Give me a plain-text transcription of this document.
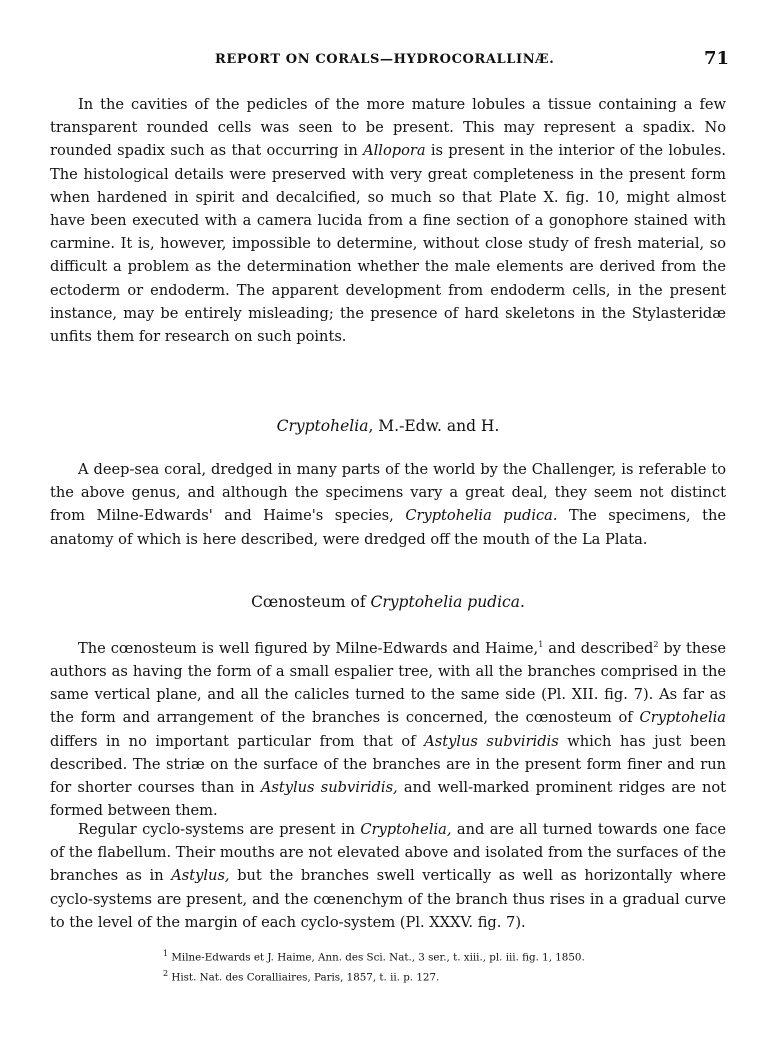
REPORT ON CORALS—HYDROCORALLINÆ.	71

In the cavities of the pedicles of the more mature lobules a tissue containing a few transparent rounded cells was seen to be present. This may represent a spadix. No rounded spadix such as that occurring in Allopora is present in the interior of the lobules. The histological details were preserved with very great completeness in the present form when hardened in spirit and decalcified, so much so that Plate X. fig. 10, might almost have been executed with a camera lucida from a fine section of a gonophore stained with carmine. It is, however, impossible to determine, without close study of fresh material, so difficult a problem as the determination whether the male elements are derived from the ectoderm or endoderm. The apparent development from endoderm cells, in the present instance, may be entirely misleading; the presence of hard skeletons in the Stylasteridæ unfits them for research on such points.

Cryptohelia, M.-Edw. and H.

A deep-sea coral, dredged in many parts of the world by the Challenger, is referable to the above genus, and although the specimens vary a great deal, they seem not distinct from Milne-Edwards' and Haime's species, Cryptohelia pudica. The specimens, the anatomy of which is here described, were dredged off the mouth of the La Plata.

Cœnosteum of Cryptohelia pudica.

The cœnosteum is well figured by Milne-Edwards and Haime,$^1$ and described$^2$ by these authors as having the form of a small espalier tree, with all the branches comprised in the same vertical plane, and all the calicles turned to the same side (Pl. XII. fig. 7). As far as the form and arrangement of the branches is concerned, the cœnosteum of Cryptohelia differs in no important particular from that of Astylus subviridis which has just been described. The striæ on the surface of the branches are in the present form finer and run for shorter courses than in Astylus subviridis, and well-marked prominent ridges are not formed between them.

Regular cyclo-systems are present in Cryptohelia, and are all turned towards one face of the flabellum. Their mouths are not elevated above and isolated from the surfaces of the branches as in Astylus, but the branches swell vertically as well as horizontally where cyclo-systems are present, and the cœnenchym of the branch thus rises in a gradual curve to the level of the margin of each cyclo-system (Pl. XXXV. fig. 7).

$^1$ Milne-Edwards et J. Haime, Ann. des Sci. Nat., 3 ser., t. xiii., pl. iii. fig. 1, 1850.
$^2$ Hist. Nat. des Coralliaires, Paris, 1857, t. ii. p. 127.
